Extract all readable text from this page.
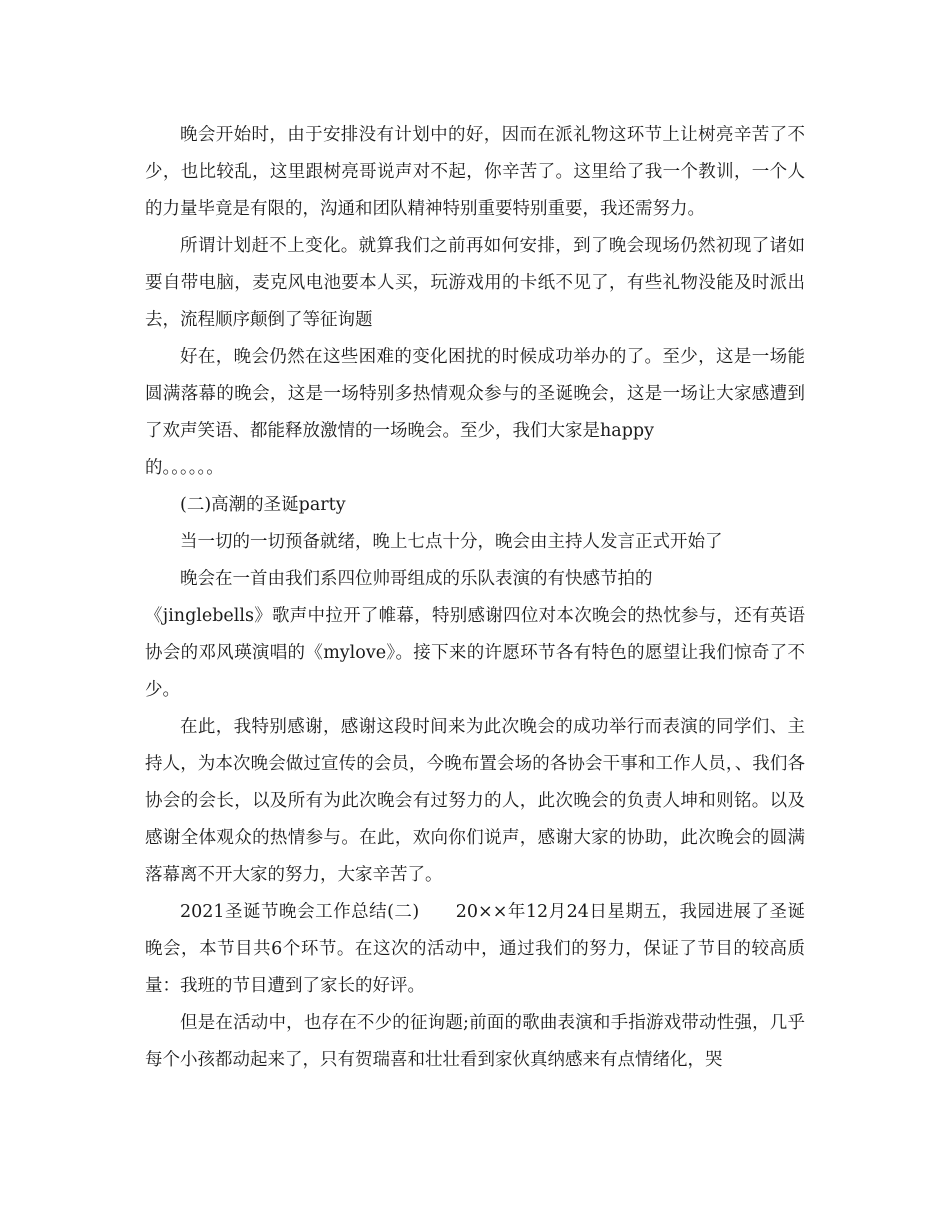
晚会开始时，由于安排没有计划中的好，因而在派礼物这环节上让树亮辛苦了不少，也比较乱，这里跟树亮哥说声对不起，你辛苦了。这里给了我一个教训，一个人的力量毕竟是有限的，沟通和团队精神特别重要特别重要，我还需努力。

所谓计划赶不上变化。就算我们之前再如何安排，到了晚会现场仍然初现了诸如要自带电脑，麦克风电池要本人买，玩游戏用的卡纸不见了，有些礼物没能及时派出去，流程顺序颠倒了等征询题

好在，晚会仍然在这些困难的变化困扰的时候成功举办的了。至少，这是一场能圆满落幕的晚会，这是一场特别多热情观众参与的圣诞晚会，这是一场让大家感遭到了欢声笑语、都能释放激情的一场晚会。至少，我们大家是happy

的。。。。。。

(二)高潮的圣诞party

当一切的一切预备就绪，晚上七点十分，晚会由主持人发言正式开始了

晚会在一首由我们系四位帅哥组成的乐队表演的有快感节拍的

《jinglebells》歌声中拉开了帷幕，特别感谢四位对本次晚会的热忱参与，还有英语协会的邓风瑛演唱的《mylove》。接下来的许愿环节各有特色的愿望让我们惊奇了不少。

在此，我特别感谢，感谢这段时间来为此次晚会的成功举行而表演的同学们、主持人，为本次晚会做过宣传的会员，今晚布置会场的各协会干事和工作人员，、我们各协会的会长，以及所有为此次晚会有过努力的人，此次晚会的负责人坤和则铭。以及感谢全体观众的热情参与。在此，欢向你们说声，感谢大家的协助，此次晚会的圆满落幕离不开大家的努力，大家辛苦了。

2021圣诞节晚会工作总结(二)　　20××年12月24日星期五，我园进展了圣诞晚会，本节目共6个环节。在这次的活动中，通过我们的努力，保证了节目的较高质量：我班的节目遭到了家长的好评。

但是在活动中，也存在不少的征询题;前面的歌曲表演和手指游戏带动性强，几乎每个小孩都动起来了，只有贺瑞喜和壮壮看到家伙真纳感来有点情绪化，哭
